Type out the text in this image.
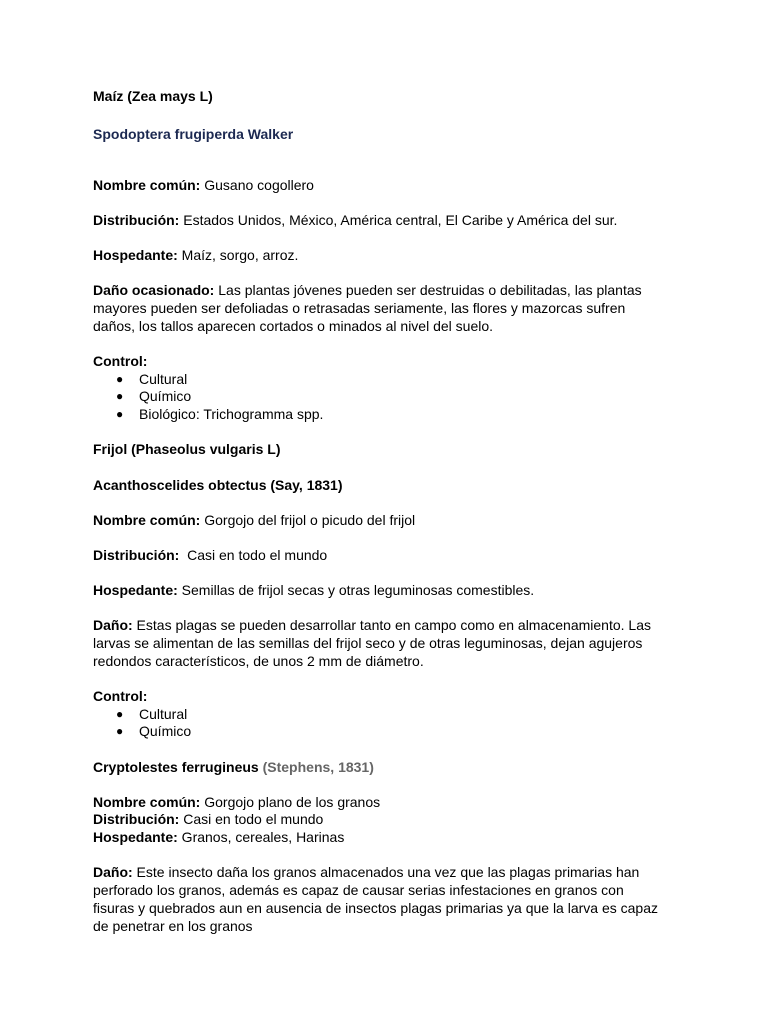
Maíz (Zea mays L)
Spodoptera frugiperda Walker
Nombre común: Gusano cogollero
Distribución: Estados Unidos, México, América central, El Caribe y América del sur.
Hospedante: Maíz, sorgo, arroz.
Daño ocasionado: Las plantas jóvenes pueden ser destruidas o debilitadas, las plantas
mayores pueden ser defoliadas o retrasadas seriamente, las flores y mazorcas sufren
daños, los tallos aparecen cortados o minados al nivel del suelo.
Control:
● Cultural
● Químico
● Biológico: Trichogramma spp.
Frijol (Phaseolus vulgaris L)
Acanthoscelides obtectus (Say, 1831)
Nombre común: Gorgojo del frijol o picudo del frijol
Distribución:  Casi en todo el mundo
Hospedante: Semillas de frijol secas y otras leguminosas comestibles.
Daño: Estas plagas se pueden desarrollar tanto en campo como en almacenamiento. Las
larvas se alimentan de las semillas del frijol seco y de otras leguminosas, dejan agujeros
redondos característicos, de unos 2 mm de diámetro.
Control:
● Cultural
● Químico
Cryptolestes ferrugineus (Stephens, 1831)
Nombre común: Gorgojo plano de los granos
Distribución: Casi en todo el mundo
Hospedante: Granos, cereales, Harinas
Daño: Este insecto daña los granos almacenados una vez que las plagas primarias han
perforado los granos, además es capaz de causar serias infestaciones en granos con
fisuras y quebrados aun en ausencia de insectos plagas primarias ya que la larva es capaz
de penetrar en los granos
